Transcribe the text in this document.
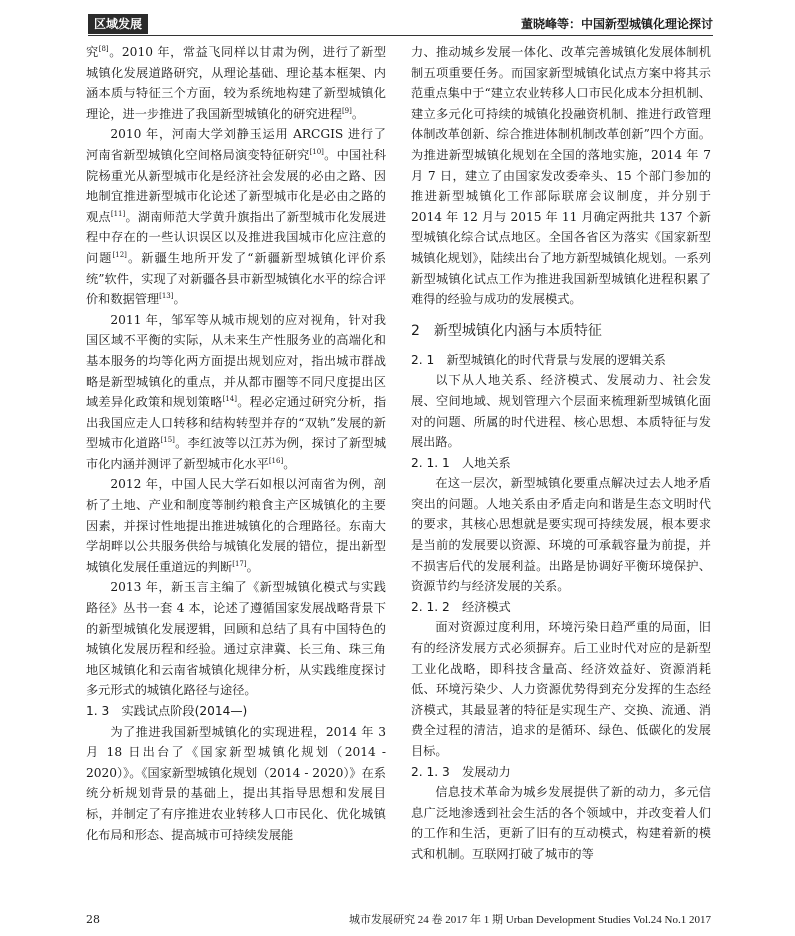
区域发展	董晓峰等：中国新型城镇化理论探讨

究[8]。2010 年，常益飞同样以甘肃为例，进行了新型城镇化发展道路研究，从理论基础、理论基本框架、内涵本质与特征三个方面，较为系统地构建了新型城镇化理论，进一步推进了我国新型城镇化的研究进程[9]。

2010 年，河南大学刘静玉运用 ARCGIS 进行了河南省新型城镇化空间格局演变特征研究[10]。中国社科院杨重光从新型城市化是经济社会发展的必由之路、因地制宜推进新型城市化论述了新型城市化是必由之路的观点[11]。湖南师范大学黄升旗指出了新型城市化发展进程中存在的一些认识误区以及推进我国城市化应注意的问题[12]。新疆生地所开发了“新疆新型城镇化评价系统”软件，实现了对新疆各县市新型城镇化水平的综合评价和数据管理[13]。

2011 年，邹军等从城市规划的应对视角，针对我国区域不平衡的实际，从未来生产性服务业的高端化和基本服务的均等化两方面提出规划应对，指出城市群战略是新型城镇化的重点，并从都市圈等不同尺度提出区域差异化政策和规划策略[14]。程必定通过研究分析，指出我国应走人口转移和结构转型并存的“双轨”发展的新型城市化道路[15]。李红波等以江苏为例，探讨了新型城市化内涵并测评了新型城市化水平[16]。

2012 年，中国人民大学石如根以河南省为例，剖析了土地、产业和制度等制约粮食主产区城镇化的主要因素，并探讨性地提出推进城镇化的合理路径。东南大学胡畔以公共服务供给与城镇化发展的错位，提出新型城镇化发展任重道远的判断[17]。

2013 年，新玉言主编了《新型城镇化模式与实践路径》丛书一套 4 本，论述了遵循国家发展战略背景下的新型城镇化发展逻辑，回顾和总结了具有中国特色的城镇化发展历程和经验。通过京津冀、长三角、珠三角地区城镇化和云南省城镇化规律分析，从实践维度探讨多元形式的城镇化路径与途径。

1. 3　实践试点阶段(2014—)

为了推进我国新型城镇化的实现进程，2014 年 3 月 18 日出台了《国家新型城镇化规划（2014 - 2020）》。《国家新型城镇化规划（2014 - 2020）》在系统分析规划背景的基础上，提出其指导思想和发展目标，并制定了有序推进农业转移人口市民化、优化城镇化布局和形态、提高城市可持续发展能

力、推动城乡发展一体化、改革完善城镇化发展体制机制五项重要任务。而国家新型城镇化试点方案中将其示范重点集中于“建立农业转移人口市民化成本分担机制、建立多元化可持续的城镇化投融资机制、推进行政管理体制改革创新、综合推进体制机制改革创新”四个方面。为推进新型城镇化规划在全国的落地实施，2014 年 7 月 7 日，建立了由国家发改委牵头、15 个部门参加的推进新型城镇化工作部际联席会议制度，并分别于 2014 年 12 月与 2015 年 11 月确定两批共 137 个新型城镇化综合试点地区。全国各省区为落实《国家新型城镇化规划》，陆续出台了地方新型城镇化规划。一系列新型城镇化试点工作为推进我国新型城镇化进程积累了难得的经验与成功的发展模式。

2　新型城镇化内涵与本质特征
2. 1　新型城镇化的时代背景与发展的逻辑关系

以下从人地关系、经济模式、发展动力、社会发展、空间地域、规划管理六个层面来梳理新型城镇化面对的问题、所属的时代进程、核心思想、本质特征与发展出路。

2. 1. 1　人地关系

在这一层次，新型城镇化要重点解决过去人地矛盾突出的问题。人地关系由矛盾走向和谐是生态文明时代的要求，其核心思想就是要实现可持续发展，根本要求是当前的发展要以资源、环境的可承载容量为前提，并不损害后代的发展利益。出路是协调好平衡环境保护、资源节约与经济发展的关系。

2. 1. 2　经济模式

面对资源过度利用，环境污染日趋严重的局面，旧有的经济发展方式必须摒弃。后工业时代对应的是新型工业化战略，即科技含量高、经济效益好、资源消耗低、环境污染少、人力资源优势得到充分发挥的生态经济模式，其最显著的特征是实现生产、交换、流通、消费全过程的清洁，追求的是循环、绿色、低碳化的发展目标。

2. 1. 3　发展动力

信息技术革命为城乡发展提供了新的动力，多元信息广泛地渗透到社会生活的各个领域中，并改变着人们的工作和生活，更新了旧有的互动模式，构建着新的模式和机制。互联网打破了城市的等

28	城市发展研究 24 卷 2017 年 1 期 Urban Development Studies Vol.24 No.1 2017
